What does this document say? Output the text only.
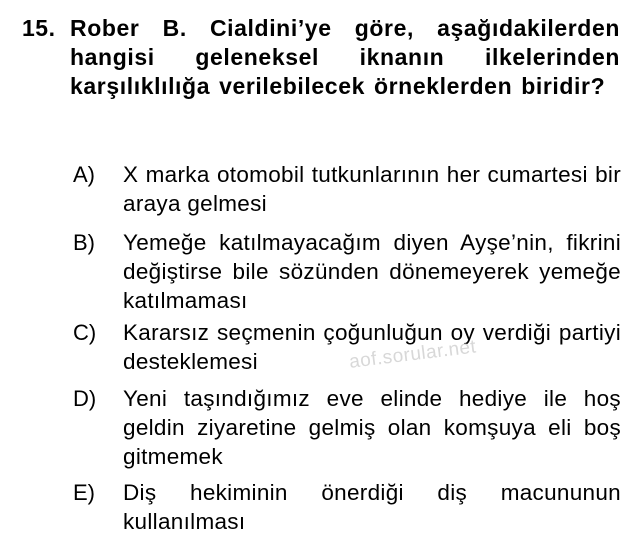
15. Rober B. Cialdini’ye göre, aşağıdakilerden hangisi geleneksel iknanın ilkelerinden karşılıklılığa verilebilecek örneklerden biridir?
A) X marka otomobil tutkunlarının her cumartesi bir araya gelmesi
B) Yemeğe katılmayacağım diyen Ayşe’nin, fikrini değiştirse bile sözünden dönemeyerek yemeğe katılmaması
C) Kararsız seçmenin çoğunluğun oy verdiği partiyi desteklemesi
D) Yeni taşındığımız eve elinde hediye ile hoş geldin ziyaretine gelmiş olan komşuya eli boş gitmemek
E) Diş hekiminin önerdiği diş macununun kullanılması
aof.sorular.net
